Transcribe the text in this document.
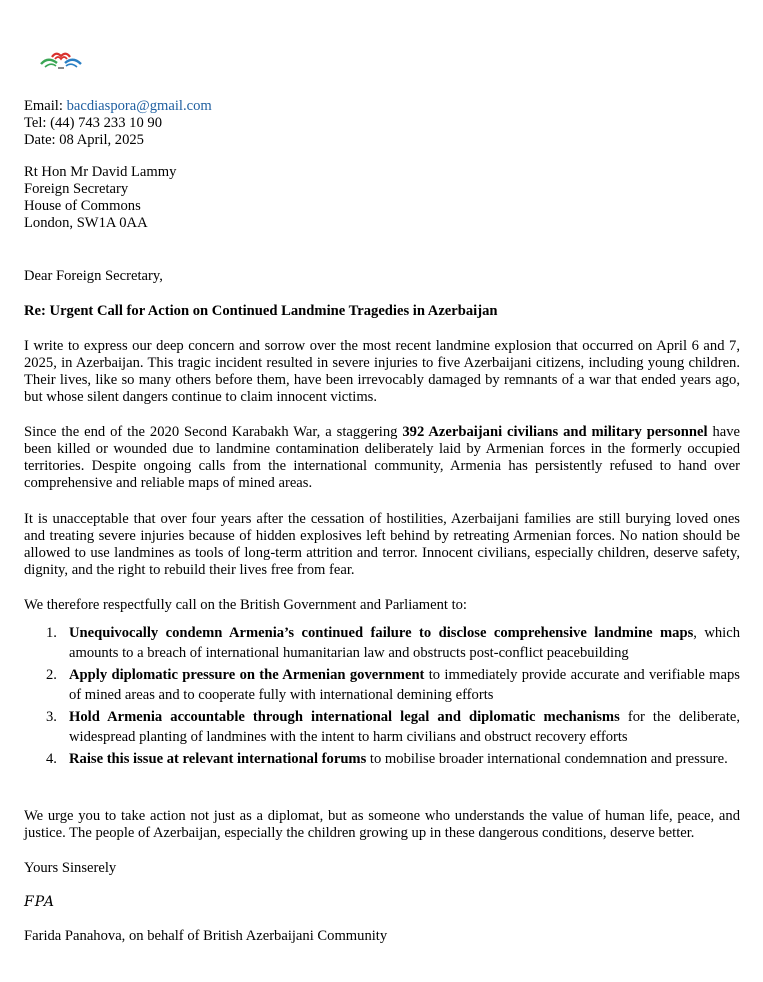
Email: bacdiaspora@gmail.com
Tel: (44) 743 233 10 90
Date: 08 April, 2025
Rt Hon Mr David Lammy
Foreign Secretary
House of Commons
London, SW1A 0AA
Dear Foreign Secretary,
Re: Urgent Call for Action on Continued Landmine Tragedies in Azerbaijan

I write to express our deep concern and sorrow over the most recent landmine explosion that occurred on April 6 and 7, 2025, in Azerbaijan. This tragic incident resulted in severe injuries to five Azerbaijani citizens, including young children. Their lives, like so many others before them, have been irrevocably damaged by remnants of a war that ended years ago, but whose silent dangers continue to claim innocent victims.

Since the end of the 2020 Second Karabakh War, a staggering 392 Azerbaijani civilians and military personnel have been killed or wounded due to landmine contamination deliberately laid by Armenian forces in the formerly occupied territories. Despite ongoing calls from the international community, Armenia has persistently refused to hand over comprehensive and reliable maps of mined areas.

It is unacceptable that over four years after the cessation of hostilities, Azerbaijani families are still burying loved ones and treating severe injuries because of hidden explosives left behind by retreating Armenian forces. No nation should be allowed to use landmines as tools of long-term attrition and terror. Innocent civilians, especially children, deserve safety, dignity, and the right to rebuild their lives free from fear.

We therefore respectfully call on the British Government and Parliament to:

1. Unequivocally condemn Armenia’s continued failure to disclose comprehensive landmine maps, which amounts to a breach of international humanitarian law and obstructs post-conflict peacebuilding
2. Apply diplomatic pressure on the Armenian government to immediately provide accurate and verifiable maps of mined areas and to cooperate fully with international demining efforts
3. Hold Armenia accountable through international legal and diplomatic mechanisms for the deliberate, widespread planting of landmines with the intent to harm civilians and obstruct recovery efforts
4. Raise this issue at relevant international forums to mobilise broader international condemnation and pressure.

We urge you to take action not just as a diplomat, but as someone who understands the value of human life, peace, and justice. The people of Azerbaijan, especially the children growing up in these dangerous conditions, deserve better.

Yours Sinserely
FPA
Farida Panahova, on behalf of British Azerbaijani Community
